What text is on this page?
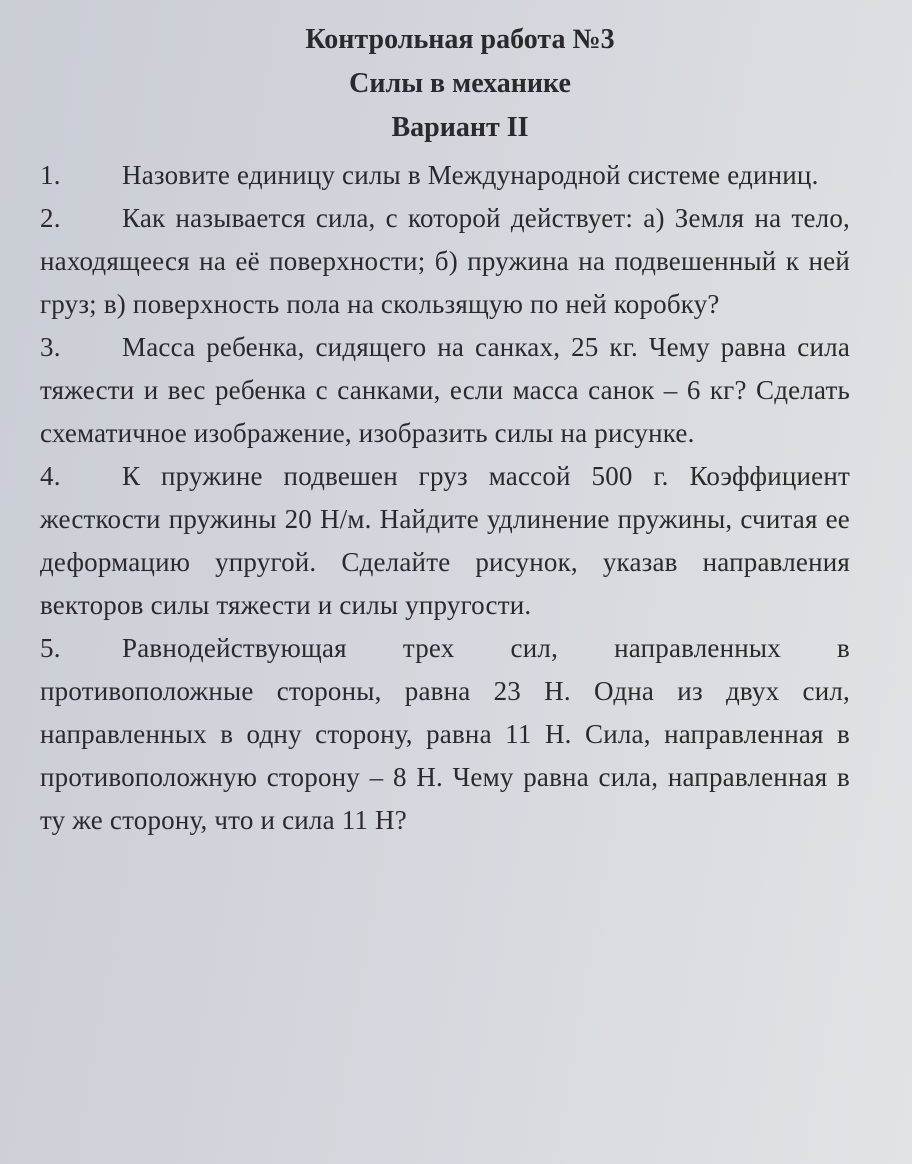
Контрольная работа №3
Силы в механике
Вариант II

1. Назовите единицу силы в Международной системе единиц.

2. Как называется сила, с которой действует: а) Земля на тело, находящееся на её поверхности; б) пружина на подвешенный к ней груз; в) поверхность пола на скользящую по ней коробку?

3. Масса ребенка, сидящего на санках, 25 кг. Чему равна сила тяжести и вес ребенка с санками, если масса санок – 6 кг? Сделать схематичное изображение, изобразить силы на рисунке.

4. К пружине подвешен груз массой 500 г. Коэффициент жесткости пружины 20 Н/м. Найдите удлинение пружины, считая ее деформацию упругой. Сделайте рисунок, указав направления векторов силы тяжести и силы упругости.

5. Равнодействующая трех сил, направленных в противоположные стороны, равна 23 Н. Одна из двух сил, направленных в одну сторону, равна 11 Н. Сила, направленная в противоположную сторону – 8 Н. Чему равна сила, направленная в ту же сторону, что и сила 11 Н?
